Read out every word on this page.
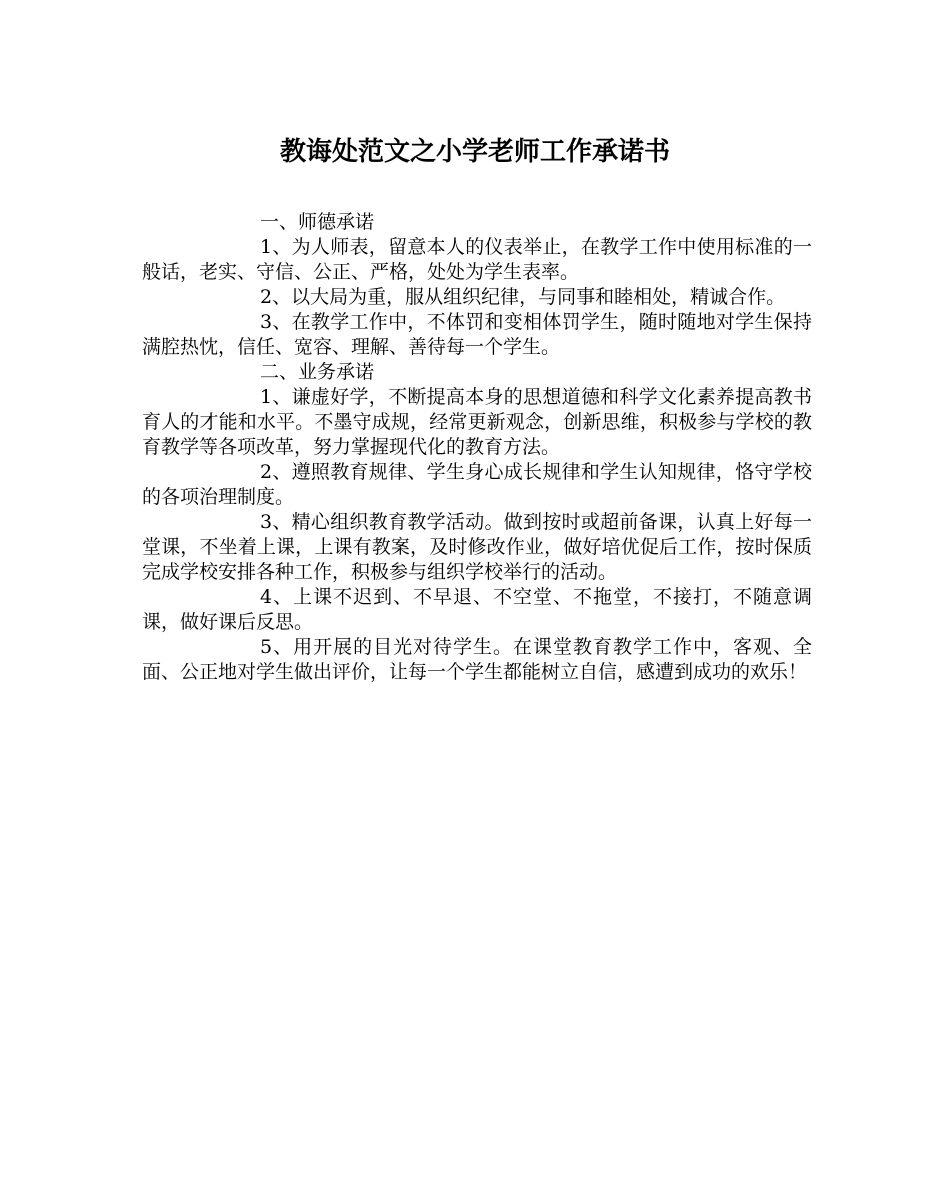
教诲处范文之小学老师工作承诺书

一、师德承诺

1、为人师表，留意本人的仪表举止，在教学工作中使用标准的一般话，老实、守信、公正、严格，处处为学生表率。

2、以大局为重，服从组织纪律，与同事和睦相处，精诚合作。

3、在教学工作中，不体罚和变相体罚学生，随时随地对学生保持满腔热忱，信任、宽容、理解、善待每一个学生。

二、业务承诺

1、谦虚好学，不断提高本身的思想道德和科学文化素养提高教书育人的才能和水平。不墨守成规，经常更新观念，创新思维，积极参与学校的教育教学等各项改革，努力掌握现代化的教育方法。

2、遵照教育规律、学生身心成长规律和学生认知规律，恪守学校的各项治理制度。

3、精心组织教育教学活动。做到按时或超前备课，认真上好每一堂课，不坐着上课，上课有教案，及时修改作业，做好培优促后工作，按时保质完成学校安排各种工作，积极参与组织学校举行的活动。

4、上课不迟到、不早退、不空堂、不拖堂，不接打，不随意调课，做好课后反思。

5、用开展的目光对待学生。在课堂教育教学工作中，客观、全面、公正地对学生做出评价，让每一个学生都能树立自信，感遭到成功的欢乐！
